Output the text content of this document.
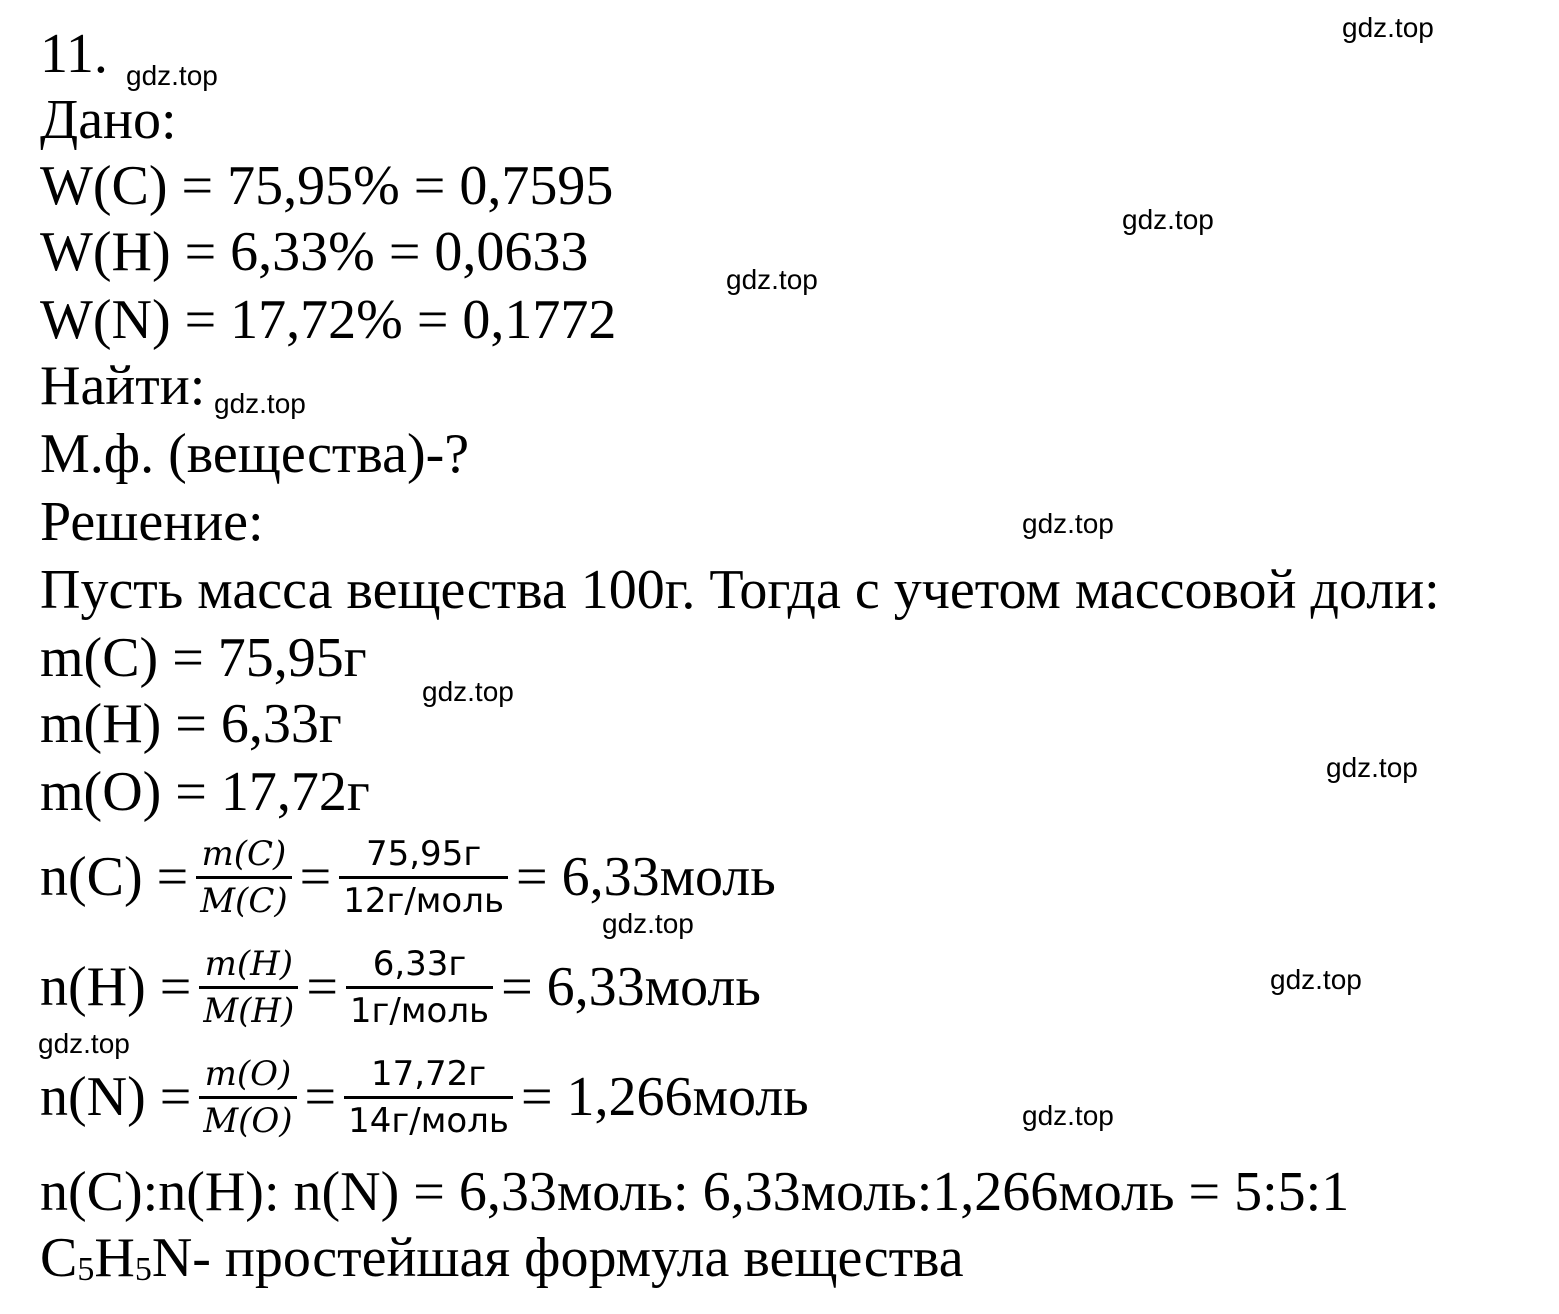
11.
Дано:
W(C) = 75,95% = 0,7595
W(H) = 6,33% = 0,0633
W(N) = 17,72% = 0,1772
Найти:
М.ф. (вещества)-?
Решение:
Пусть масса вещества 100г. Тогда с учетом массовой доли:
m(C) = 75,95г
m(H) = 6,33г
m(O) = 17,72г
$n(C) = \frac{m(C)}{M(C)} = \frac{75,95г}{\text{12г/моль}}$ = 6,33моль
$n(H) = \frac{m(H)}{M(H)} = \frac{6,33г}{\text{1г/моль}}$ = 6,33моль
$n(N) = \frac{m(O)}{M(O)} = \frac{17,72г}{\text{14г/моль}}$ = 1,266моль
n(C):n(H): n(N) = 6,33моль: 6,33моль:1,266моль = 5:5:1
C5H5N- простейшая формула вещества
gdz.top
gdz.top
gdz.top
gdz.top
gdz.top
gdz.top
gdz.top
gdz.top
gdz.top
gdz.top
gdz.top
gdz.top
